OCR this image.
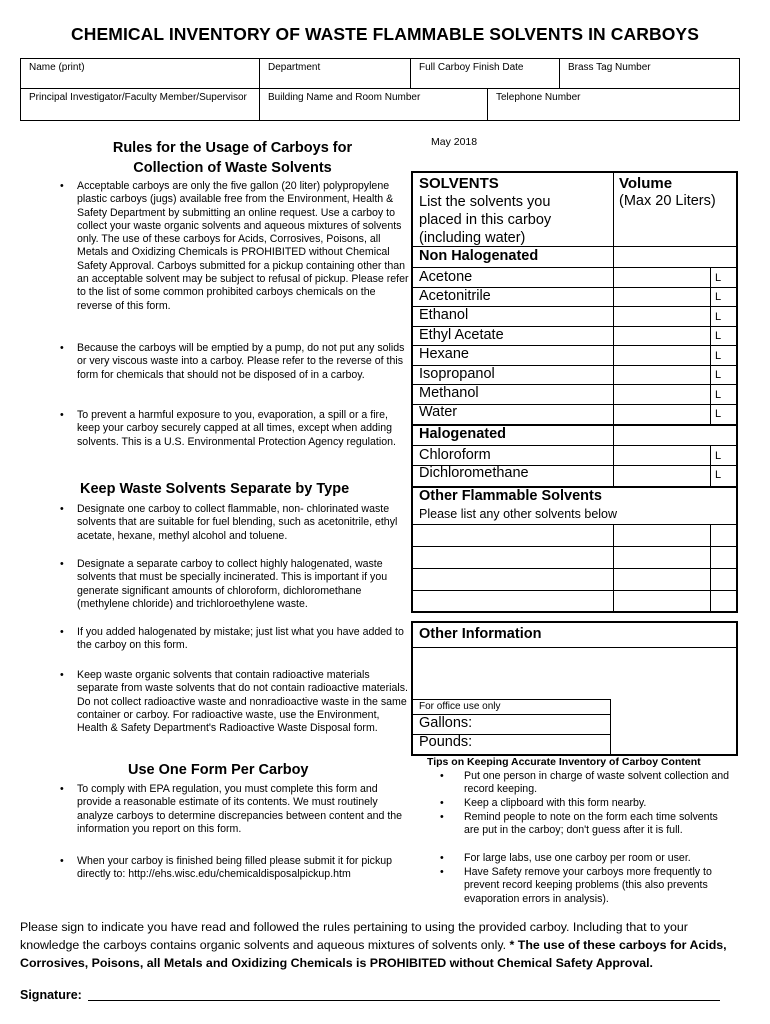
CHEMICAL INVENTORY OF WASTE FLAMMABLE SOLVENTS IN CARBOYS
Name (print)	Department	Full Carboy Finish Date	Brass Tag Number
Principal Investigator/Faculty Member/Supervisor	Building Name and Room Number	Telephone Number
Rules for the Usage of Carboys for
Collection of Waste Solvents
• Acceptable carboys are only the five gallon (20 liter) polypropylene plastic carboys (jugs) available free from the Environment, Health & Safety Department by submitting an online request. Use a carboy to collect your waste organic solvents and aqueous mixtures of solvents only. The use of these carboys for Acids, Corrosives, Poisons, all Metals and Oxidizing Chemicals is PROHIBITED without Chemical Safety Approval. Carboys submitted for a pickup containing other than an acceptable solvent may be subject to refusal of pickup. Please refer to the list of some common prohibited carboys chemicals on the reverse of this form.
• Because the carboys will be emptied by a pump, do not put any solids or very viscous waste into a carboy. Please refer to the reverse of this form for chemicals that should not be disposed of in a carboy.
• To prevent a harmful exposure to you, evaporation, a spill or a fire, keep your carboy securely capped at all times, except when adding solvents. This is a U.S. Environmental Protection Agency regulation.
Keep Waste Solvents Separate by Type
• Designate one carboy to collect flammable, non- chlorinated waste solvents that are suitable for fuel blending, such as acetonitrile, ethyl acetate, hexane, methyl alcohol and toluene.
• Designate a separate carboy to collect highly halogenated, waste solvents that must be specially incinerated. This is important if you generate significant amounts of chloroform, dichloromethane (methylene chloride) and trichloroethylene waste.
• If you added halogenated by mistake; just list what you have added to the carboy on this form.
• Keep waste organic solvents that contain radioactive materials separate from waste solvents that do not contain radioactive materials. Do not collect radioactive waste and nonradioactive waste in the same container or carboy. For radioactive waste, use the Environment, Health & Safety Department's Radioactive Waste Disposal form.
Use One Form Per Carboy
• To comply with EPA regulation, you must complete this form and provide a reasonable estimate of its contents. We must routinely analyze carboys to determine discrepancies between content and the information you report on this form.
• When your carboy is finished being filled please submit it for pickup directly to: http://ehs.wisc.edu/chemicaldisposalpickup.htm
May 2018
SOLVENTS
List the solvents you
placed in this carboy
(including water)
Volume
(Max 20 Liters)
Non Halogenated
Acetone	L
Acetonitrile	L
Ethanol	L
Ethyl Acetate	L
Hexane	L
Isopropanol	L
Methanol	L
Water	L
Halogenated
Chloroform	L
Dichloromethane	L
Other Flammable Solvents
Please list any other solvents below
Other Information
For office use only
Gallons:
Pounds:
Tips on Keeping Accurate Inventory of Carboy Content
• Put one person in charge of waste solvent collection and record keeping.
• Keep a clipboard with this form nearby.
• Remind people to note on the form each time solvents are put in the carboy; don't guess after it is full.
• For large labs, use one carboy per room or user.
• Have Safety remove your carboys more frequently to prevent record keeping problems (this also prevents evaporation errors in analysis).
Please sign to indicate you have read and followed the rules pertaining to using the provided carboy. Including that to your knowledge the carboys contains organic solvents and aqueous mixtures of solvents only. * The use of these carboys for Acids, Corrosives, Poisons, all Metals and Oxidizing Chemicals is PROHIBITED without Chemical Safety Approval.
Signature:
